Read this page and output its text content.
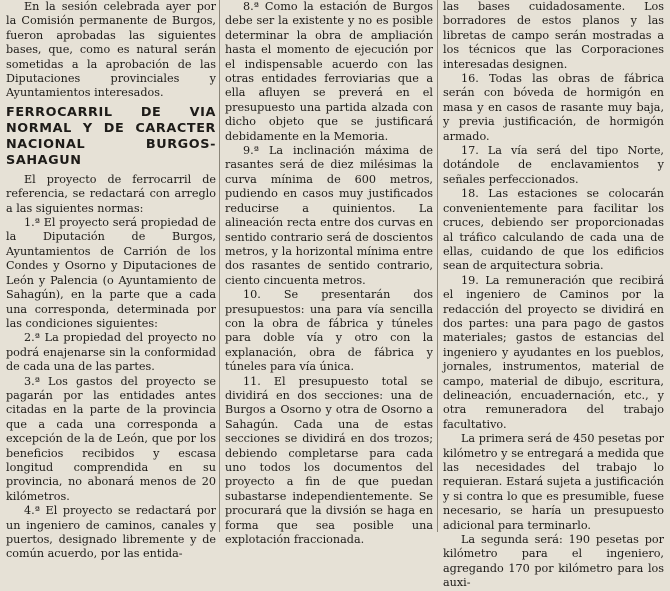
En la sesión celebrada ayer por la Comisión permanente de Burgos, fueron aprobadas las siguientes bases, que, como es natural serán sometidas a la aprobación de las Diputaciones provinciales y Ayuntamientos interesados.

FERROCARRIL DE VIA NORMAL Y DE CARACTER NACIONAL BURGOS-SAHAGUN

El proyecto de ferrocarril de referencia, se redactará con arreglo a las siguientes normas:

1.ª El proyecto será propiedad de la Diputación de Burgos, Ayuntamientos de Carrión de los Condes y Osorno y Diputaciones de León y Palencia (o Ayuntamiento de Sahagún), en la parte que a cada una corresponda, determinada por las condiciones siguientes:

2.ª La propiedad del proyecto no podrá enajenarse sin la conformidad de cada una de las partes.

3.ª Los gastos del proyecto se pagarán por las entidades antes citadas en la parte de la provincia que a cada una corresponda a excepción de la de León, que por los beneficios recibidos y escasa longitud comprendida en su provincia, no abonará menos de 20 kilómetros.

4.ª El proyecto se redactará por un ingeniero de caminos, canales y puertos, designado libremente y de común acuerdo, por las entida-

8.ª Como la estación de Burgos debe ser la existente y no es posible determinar la obra de ampliación hasta el momento de ejecución por el indispensable acuerdo con las otras entidades ferroviarias que a ella afluyen se preverá en el presupuesto una partida alzada con dicho objeto que se justificará debidamente en la Memoria.

9.ª La inclinación máxima de rasantes será de diez milésimas la curva mínima de 600 metros, pudiendo en casos muy justificados reducirse a quinientos. La alineación recta entre dos curvas en sentido contrario será de doscientos metros, y la horizontal mínima entre dos rasantes de sentido contrario, ciento cincuenta metros.

10. Se presentarán dos presupuestos: una para vía sencilla con la obra de fábrica y túneles para doble vía y otro con la explanación, obra de fábrica y túneles para vía única.

11. El presupuesto total se dividirá en dos secciones: una de Burgos a Osorno y otra de Osorno a Sahagún. Cada una de estas secciones se dividirá en dos trozos; debiendo completarse para cada uno todos los documentos del proyecto a fin de que puedan subastarse independientemente. Se procurará que la divsión se haga en forma que sea posible una explotación fraccionada.

las bases cuidadosamente. Los borradores de estos planos y las libretas de campo serán mostradas a los técnicos que las Corporaciones interesadas designen.

16. Todas las obras de fábrica serán con bóveda de hormigón en masa y en casos de rasante muy baja, y previa justificación, de hormigón armado.

17. La vía será del tipo Norte, dotándole de enclavamientos y señales perfeccionados.

18. Las estaciones se colocarán convenientemente para facilitar los cruces, debiendo ser proporcionadas al tráfico calculando de cada una de ellas, cuidando de que los edificios sean de arquitectura sobria.

19. La remuneración que recibirá el ingeniero de Caminos por la redacción del proyecto se dividirá en dos partes: una para pago de gastos materiales; gastos de estancias del ingeniero y ayudantes en los pueblos, jornales, instrumentos, material de campo, material de dibujo, escritura, delineación, encuadernación, etc., y otra remuneradora del trabajo facultativo.

La primera será de 450 pesetas por kilómetro y se entregará a medida que las necesidades del trabajo lo requieran. Estará sujeta a justificación y si contra lo que es presumible, fuese necesario, se haría un presupuesto adicional para terminarlo.

La segunda será: 190 pesetas por kilómetro para el ingeniero, agregando 170 por kilómetro para los auxi-
